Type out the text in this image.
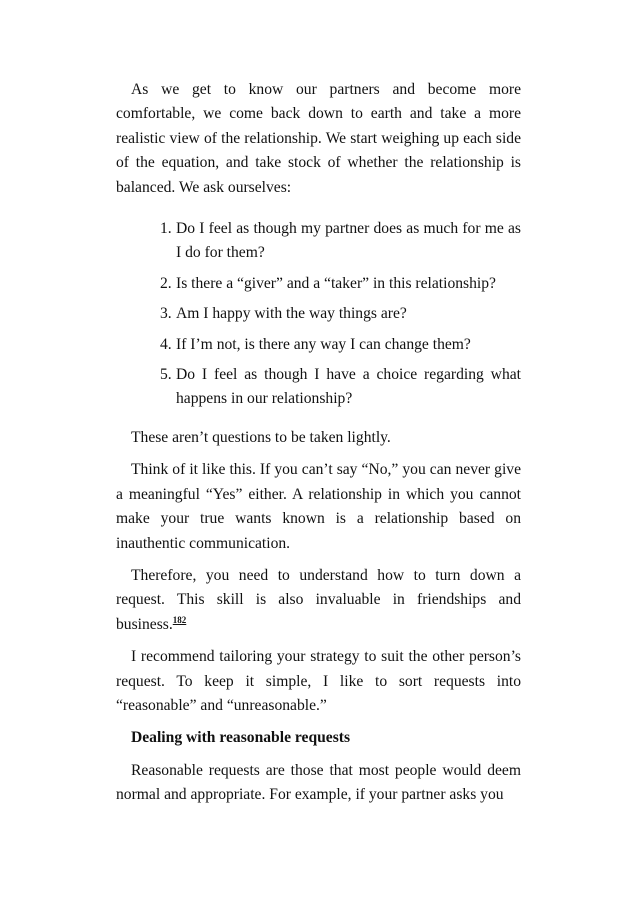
As we get to know our partners and become more comfortable, we come back down to earth and take a more realistic view of the relationship. We start weighing up each side of the equation, and take stock of whether the relationship is balanced. We ask ourselves:

1. Do I feel as though my partner does as much for me as I do for them?
2. Is there a “giver” and a “taker” in this relationship?
3. Am I happy with the way things are?
4. If I’m not, is there any way I can change them?
5. Do I feel as though I have a choice regarding what happens in our relationship?

These aren’t questions to be taken lightly.

Think of it like this. If you can’t say “No,” you can never give a meaningful “Yes” either. A relationship in which you cannot make your true wants known is a relationship based on inauthentic communication.

Therefore, you need to understand how to turn down a request. This skill is also invaluable in friendships and business.$^{182}$

I recommend tailoring your strategy to suit the other person’s request. To keep it simple, I like to sort requests into “reasonable” and “unreasonable.”

Dealing with reasonable requests

Reasonable requests are those that most people would deem normal and appropriate. For example, if your partner asks you
